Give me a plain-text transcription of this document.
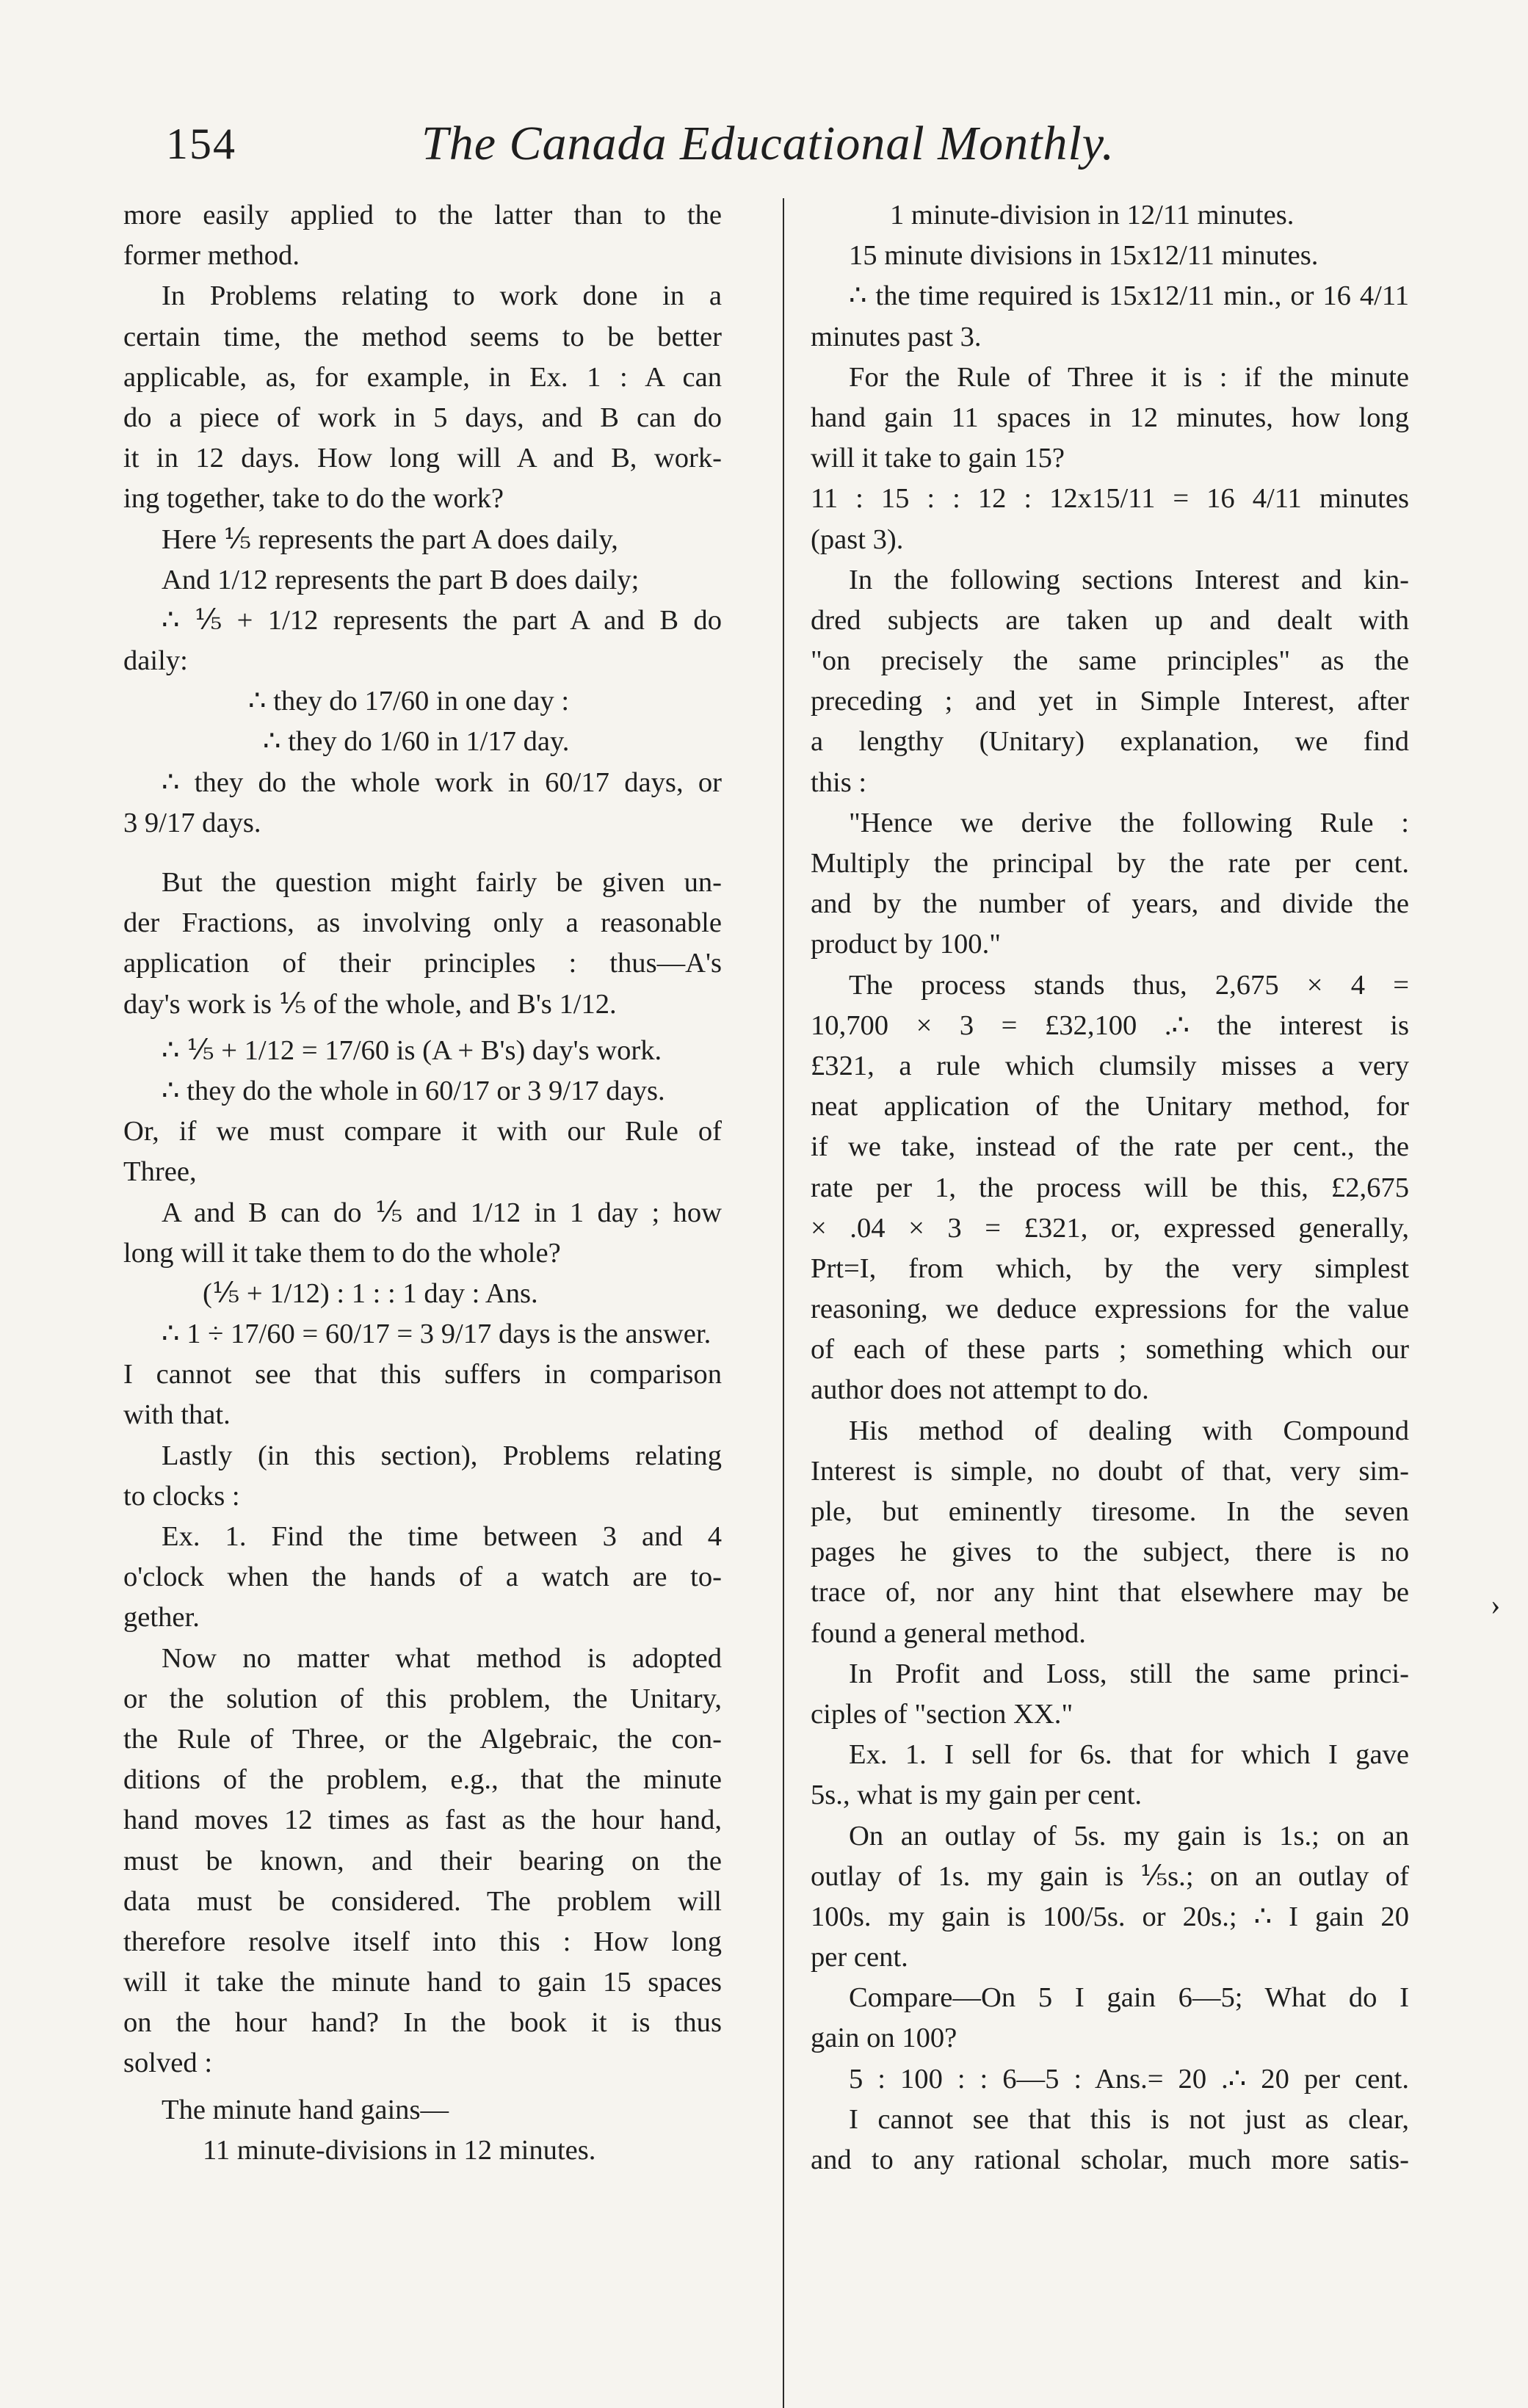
154	The Canada Educational Monthly.
more easily applied to the latter than to the
former method.
In Problems relating to work done in a
certain time, the method seems to be better
applicable, as, for example, in Ex. 1 : A can
do a piece of work in 5 days, and B can do
it in 12 days. How long will A and B, work-
ing together, take to do the work?
Here ⅕ represents the part A does daily,
And 1/12 represents the part B does daily;
∴ ⅕ + 1/12 represents the part A and B do
daily:
∴ they do 17/60 in one day :
∴ they do 1/60 in 1/17 day.
∴ they do the whole work in 60/17 days, or
3 9/17 days.
But the question might fairly be given un-
der Fractions, as involving only a reasonable
application of their principles : thus—A's
day's work is ⅕ of the whole, and B's 1/12.
∴ ⅕ + 1/12 = 17/60 is (A + B's) day's work.
∴ they do the whole in 60/17 or 3 9/17 days.
Or, if we must compare it with our Rule of
Three,
A and B can do ⅕ and 1/12 in 1 day ; how
long will it take them to do the whole?
(⅕ + 1/12) : 1 : : 1 day : Ans.
∴ 1 ÷ 17/60 = 60/17 = 3 9/17 days is the answer.
I cannot see that this suffers in comparison
with that.
Lastly (in this section), Problems relating
to clocks :
Ex. 1. Find the time between 3 and 4
o'clock when the hands of a watch are to-
gether.
Now no matter what method is adopted
or the solution of this problem, the Unitary,
the Rule of Three, or the Algebraic, the con-
ditions of the problem, e.g., that the minute
hand moves 12 times as fast as the hour hand,
must be known, and their bearing on the
data must be considered. The problem will
therefore resolve itself into this : How long
will it take the minute hand to gain 15 spaces
on the hour hand? In the book it is thus
solved :
The minute hand gains—
11 minute-divisions in 12 minutes.
1 minute-division in 12/11 minutes.
15 minute divisions in 15x12/11 minutes.
∴ the time required is 15x12/11 min., or 16 4/11
minutes past 3.
For the Rule of Three it is : if the minute
hand gain 11 spaces in 12 minutes, how long
will it take to gain 15?
11 : 15 : : 12 : 12x15/11 = 16 4/11 minutes
(past 3).
In the following sections Interest and kin-
dred subjects are taken up and dealt with
"on precisely the same principles" as the
preceding ; and yet in Simple Interest, after
a lengthy (Unitary) explanation, we find
this :
"Hence we derive the following Rule :
Multiply the principal by the rate per cent.
and by the number of years, and divide the
product by 100."
The process stands thus, 2,675 × 4 =
10,700 × 3 = £32,100 .∴ the interest is
£321, a rule which clumsily misses a very
neat application of the Unitary method, for
if we take, instead of the rate per cent., the
rate per 1, the process will be this, £2,675
× .04 × 3 = £321, or, expressed generally,
Prt=I, from which, by the very simplest
reasoning, we deduce expressions for the value
of each of these parts ; something which our
author does not attempt to do.
His method of dealing with Compound
Interest is simple, no doubt of that, very sim-
ple, but eminently tiresome. In the seven
pages he gives to the subject, there is no
trace of, nor any hint that elsewhere may be
found a general method.
In Profit and Loss, still the same princi-
ciples of "section XX."
Ex. 1. I sell for 6s. that for which I gave
5s., what is my gain per cent.
On an outlay of 5s. my gain is 1s.; on an
outlay of 1s. my gain is ⅕s.; on an outlay of
100s. my gain is 100/5s. or 20s.; ∴ I gain 20
per cent.
Compare—On 5 I gain 6—5; What do I
gain on 100?
5 : 100 : : 6—5 : Ans.= 20 .∴ 20 per cent.
I cannot see that this is not just as clear,
and to any rational scholar, much more satis-
›
